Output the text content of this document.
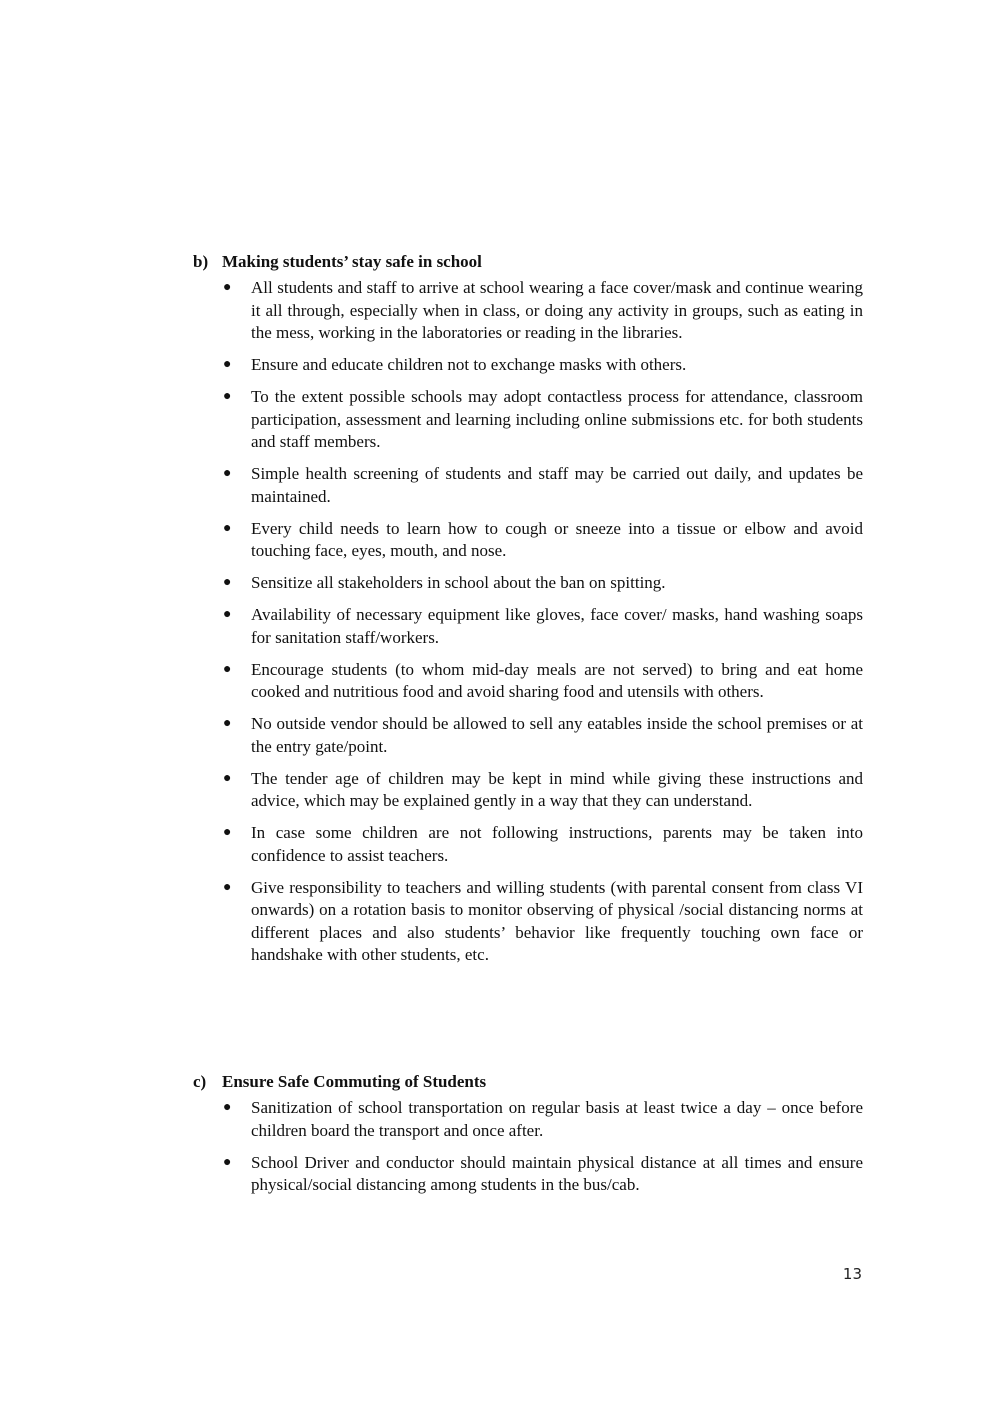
b) Making students’ stay safe in school
● All students and staff to arrive at school wearing a face cover/mask and continue wearing it all through, especially when in class, or doing any activity in groups, such as eating in the mess, working in the laboratories or reading in the libraries.
● Ensure and educate children not to exchange masks with others.
● To the extent possible schools may adopt contactless process for attendance, classroom participation, assessment and learning including online submissions etc. for both students and staff members.
● Simple health screening of students and staff may be carried out daily, and updates be maintained.
● Every child needs to learn how to cough or sneeze into a tissue or elbow and avoid touching face, eyes, mouth, and nose.
● Sensitize all stakeholders in school about the ban on spitting.
● Availability of necessary equipment like gloves, face cover/ masks, hand washing soaps for sanitation staff/workers.
● Encourage students (to whom mid-day meals are not served) to bring and eat home cooked and nutritious food and avoid sharing food and utensils with others.
● No outside vendor should be allowed to sell any eatables inside the school premises or at the entry gate/point.
● The tender age of children may be kept in mind while giving these instructions and advice, which may be explained gently in a way that they can understand.
● In case some children are not following instructions, parents may be taken into confidence to assist teachers.
● Give responsibility to teachers and willing students (with parental consent from class VI onwards) on a rotation basis to monitor observing of physical /social distancing norms at different places and also students’ behavior like frequently touching own face or handshake with other students, etc.
c) Ensure Safe Commuting of Students
● Sanitization of school transportation on regular basis at least twice a day – once before children board the transport and once after.
● School Driver and conductor should maintain physical distance at all times and ensure physical/social distancing among students in the bus/cab.
13
